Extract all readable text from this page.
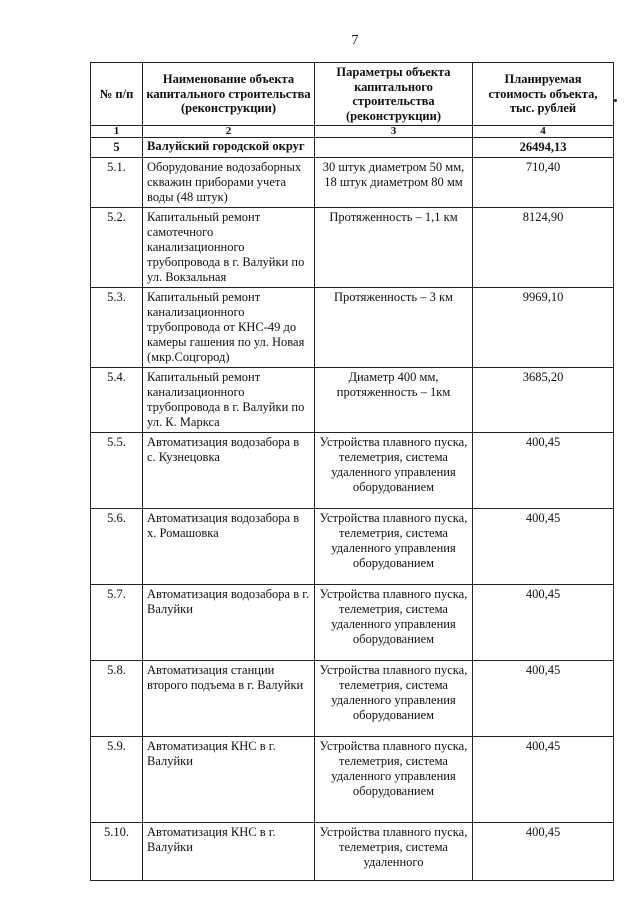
7
№ п/п	Наименование объекта капитального строительства (реконструкции)	Параметры объекта капитального строительства (реконструкции)	Планируемая стоимость объекта, тыс. рублей
1	2	3	4
5	Валуйский городской округ		26494,13
5.1.	Оборудование водозаборных скважин приборами учета воды (48 штук)	30 штук диаметром 50 мм, 18 штук диаметром 80 мм	710,40
5.2.	Капитальный ремонт самотечного канализационного трубопровода в г. Валуйки по ул. Вокзальная	Протяженность – 1,1 км	8124,90
5.3.	Капитальный ремонт канализационного трубопровода от КНС-49 до камеры гашения по ул. Новая (мкр.Соцгород)	Протяженность – 3 км	9969,10
5.4.	Капитальный ремонт канализационного трубопровода в г. Валуйки по ул. К. Маркса	Диаметр 400 мм, протяженность – 1км	3685,20
5.5.	Автоматизация водозабора в с. Кузнецовка	Устройства плавного пуска, телеметрия, система удаленного управления оборудованием	400,45
5.6.	Автоматизация водозабора в х. Ромашовка	Устройства плавного пуска, телеметрия, система удаленного управления оборудованием	400,45
5.7.	Автоматизация водозабора в г. Валуйки	Устройства плавного пуска, телеметрия, система удаленного управления оборудованием	400,45
5.8.	Автоматизация станции второго подъема в г. Валуйки	Устройства плавного пуска, телеметрия, система удаленного управления оборудованием	400,45
5.9.	Автоматизация КНС в г. Валуйки	Устройства плавного пуска, телеметрия, система удаленного управления оборудованием	400,45
5.10.	Автоматизация КНС в г. Валуйки	Устройства плавного пуска, телеметрия, система удаленного	400,45
